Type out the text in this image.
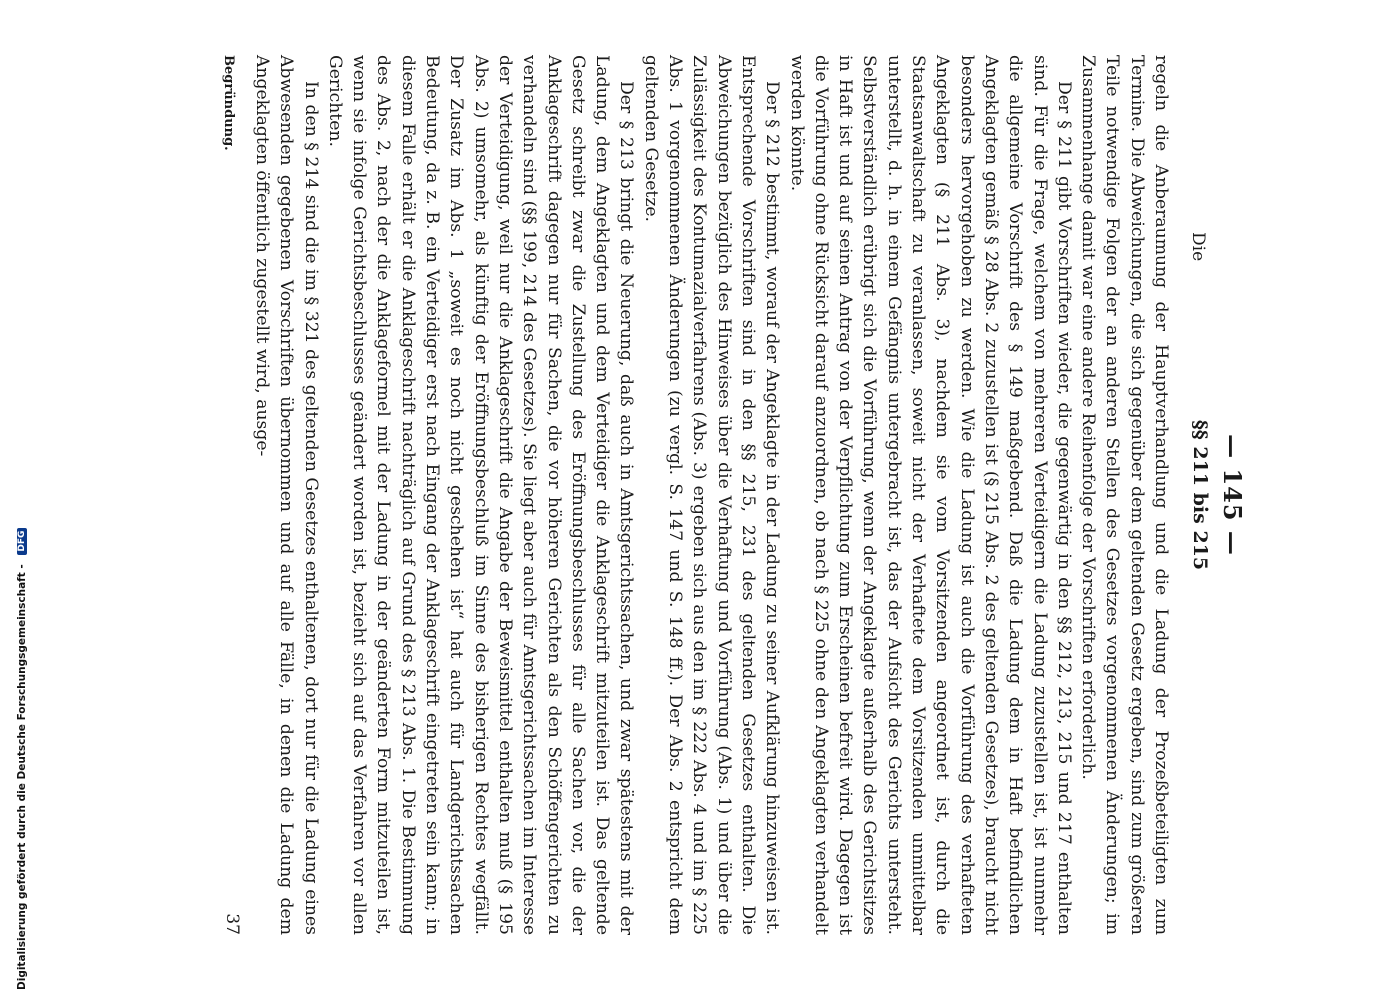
Digitalisierung gefördert durch die Deutsche Forschungsgemeinschaft - DFG	— 145 —
§§ 211 bis 215

regeln die Anberaumung der Hauptverhandlung und die Ladung der Prozeßbeteiligten zum Termine. Die Abweichungen, die sich gegenüber dem geltenden Gesetz ergeben, sind zum größeren Teile notwendige Folgen der an anderen Stellen des Gesetzes vorgenommenen Änderungen; im Zusammenhange damit war eine andere Reihenfolge der Vorschriften erforderlich.

Der § 211 gibt Vorschriften wieder, die gegenwärtig in den §§ 212, 213, 215 und 217 enthalten sind. Für die Frage, welchem von mehreren Verteidigern die Ladung zuzustellen ist, ist nunmehr die allgemeine Vorschrift des § 149 maßgebend. Daß die Ladung dem in Haft befindlichen Angeklagten gemäß § 28 Abs. 2 zuzustellen ist (§ 215 Abs. 2 des geltenden Gesetzes), braucht nicht besonders hervorgehoben zu werden. Wie die Ladung ist auch die Vorführung des verhafteten Angeklagten (§ 211 Abs. 3), nachdem sie vom Vorsitzenden angeordnet ist, durch die Staatsanwaltschaft zu veranlassen, soweit nicht der Verhaftete dem Vorsitzenden unmittelbar unterstellt, d. h. in einem Gefängnis untergebracht ist, das der Aufsicht des Gerichts untersteht. Selbstverständlich erübrigt sich die Vorführung, wenn der Angeklagte außerhalb des Gerichtsitzes in Haft ist und auf seinen Antrag von der Verpflichtung zum Erscheinen befreit wird. Dagegen ist die Vorführung ohne Rücksicht darauf anzuordnen, ob nach § 225 ohne den Angeklagten verhandelt werden könnte.

Der § 212 bestimmt, worauf der Angeklagte in der Ladung zu seiner Aufklärung hinzuweisen ist. Entsprechende Vorschriften sind in den §§ 215, 231 des geltenden Gesetzes enthalten. Die Abweichungen bezüglich des Hinweises über die Verhaftung und Vorführung (Abs. 1) und über die Zulässigkeit des Kontumazialverfahrens (Abs. 3) ergeben sich aus den im § 222 Abs. 4 und im § 225 Abs. 1 vorgenommenen Änderungen (zu vergl. S. 147 und S. 148 ff.). Der Abs. 2 entspricht dem geltenden Gesetze.

Der § 213 bringt die Neuerung, daß auch in Amtsgerichtssachen, und zwar spätestens mit der Ladung, dem Angeklagten und dem Verteidiger die Anklageschrift mitzuteilen ist. Das geltende Gesetz schreibt zwar die Zustellung des Eröffnungsbeschlusses für alle Sachen vor, die der Anklageschrift dagegen nur für Sachen, die vor höheren Gerichten als den Schöffengerichten zu verhandeln sind (§§ 199, 214 des Gesetzes). Sie liegt aber auch für Amtsgerichtssachen im Interesse der Verteidigung, weil nur die Anklageschrift die Angabe der Beweismittel enthalten muß (§ 195 Abs. 2) umsomehr, als künftig der Eröffnungsbeschluß im Sinne des bisherigen Rechtes wegfällt. Der Zusatz im Abs. 1 „soweit es noch nicht geschehen ist“ hat auch für Landgerichtssachen Bedeutung, da z. B. ein Verteidiger erst nach Eingang der Anklageschrift eingetreten sein kann; in diesem Falle erhält er die Anklageschrift nachträglich auf Grund des § 213 Abs. 1. Die Bestimmung des Abs. 2, nach der die Anklageformel mit der Ladung in der geänderten Form mitzuteilen ist, wenn sie infolge Gerichtsbeschlusses geändert worden ist, bezieht sich auf das Verfahren vor allen Gerichten.

In den § 214 sind die im § 321 des geltenden Gesetzes enthaltenen, dort nur für die Ladung eines Abwesenden gegebenen Vorschriften übernommen und auf alle Fälle, in denen die Ladung dem Angeklagten öffentlich zugestellt wird, ausge-

Begründung.
37
Die
